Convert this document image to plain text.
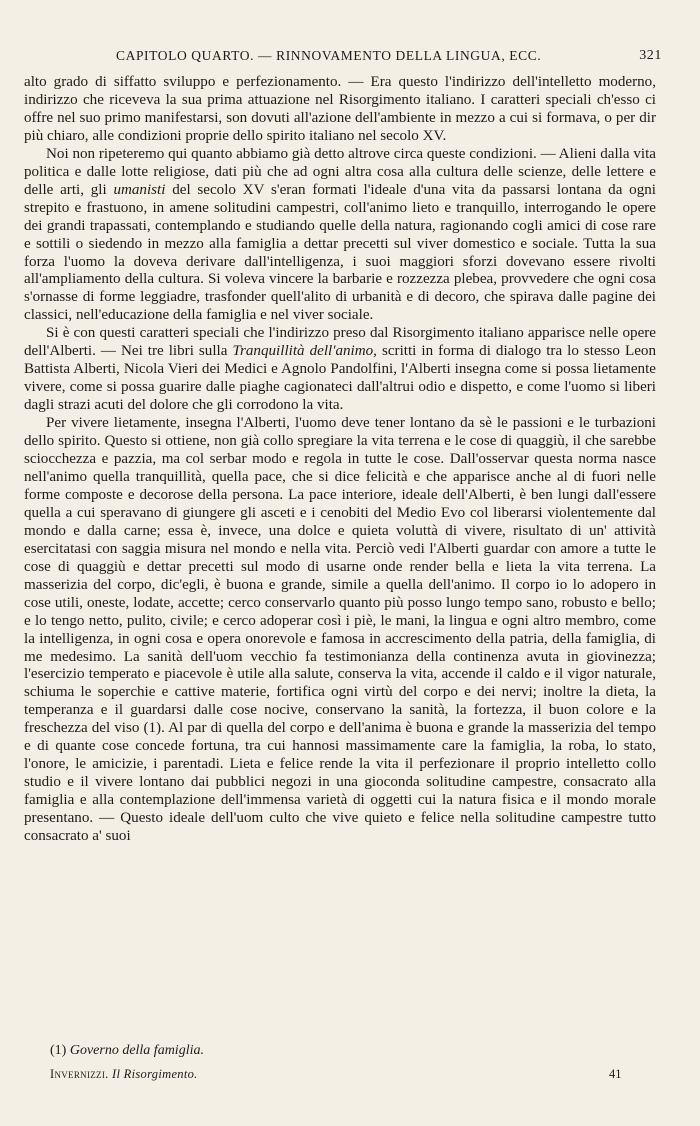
CAPITOLO QUARTO. — RINNOVAMENTO DELLA LINGUA, ECC.	321

alto grado di siffatto sviluppo e perfezionamento. — Era questo l'indirizzo dell'intelletto moderno, indirizzo che riceveva la sua prima attuazione nel Risorgimento italiano. I caratteri speciali ch'esso ci offre nel suo primo manifestarsi, son dovuti all'azione dell'ambiente in mezzo a cui si formava, o per dir più chiaro, alle condizioni proprie dello spirito italiano nel secolo XV.

Noi non ripeteremo qui quanto abbiamo già detto altrove circa queste condizioni. — Alieni dalla vita politica e dalle lotte religiose, dati più che ad ogni altra cosa alla cultura delle scienze, delle lettere e delle arti, gli umanisti del secolo XV s'eran formati l'ideale d'una vita da passarsi lontana da ogni strepito e frastuono, in amene solitudini campestri, coll'animo lieto e tranquillo, interrogando le opere dei grandi trapassati, contemplando e studiando quelle della natura, ragionando cogli amici di cose rare e sottili o siedendo in mezzo alla famiglia a dettar precetti sul viver domestico e sociale. Tutta la sua forza l'uomo la doveva derivare dall'intelligenza, i suoi maggiori sforzi dovevano essere rivolti all'ampliamento della cultura. Si voleva vincere la barbarie e rozzezza plebea, provvedere che ogni cosa s'ornasse di forme leggiadre, trasfonder quell'alito di urbanità e di decoro, che spirava dalle pagine dei classici, nell'educazione della famiglia e nel viver sociale.

Si è con questi caratteri speciali che l'indirizzo preso dal Risorgimento italiano apparisce nelle opere dell'Alberti. — Nei tre libri sulla Tranquillità dell'animo, scritti in forma di dialogo tra lo stesso Leon Battista Alberti, Nicola Vieri dei Medici e Agnolo Pandolfini, l'Alberti insegna come si possa lietamente vivere, come si possa guarire dalle piaghe cagionateci dall'altrui odio e dispetto, e come l'uomo si liberi dagli strazi acuti del dolore che gli corrodono la vita.

Per vivere lietamente, insegna l'Alberti, l'uomo deve tener lontano da sè le passioni e le turbazioni dello spirito. Questo si ottiene, non già collo spregiare la vita terrena e le cose di quaggiù, il che sarebbe sciocchezza e pazzia, ma col serbar modo e regola in tutte le cose. Dall'osservar questa norma nasce nell'animo quella tranquillità, quella pace, che si dice felicità e che apparisce anche al di fuori nelle forme composte e decorose della persona. La pace interiore, ideale dell'Alberti, è ben lungi dall'essere quella a cui speravano di giungere gli asceti e i cenobiti del Medio Evo col liberarsi violentemente dal mondo e dalla carne; essa è, invece, una dolce e quieta voluttà di vivere, risultato di un' attività esercitatasi con saggia misura nel mondo e nella vita. Perciò vedi l'Alberti guardar con amore a tutte le cose di quaggiù e dettar precetti sul modo di usarne onde render bella e lieta la vita terrena. La masserizia del corpo, dic'egli, è buona e grande, simile a quella dell'animo. Il corpo io lo adopero in cose utili, oneste, lodate, accette; cerco conservarlo quanto più posso lungo tempo sano, robusto e bello; e lo tengo netto, pulito, civile; e cerco adoperar così i piè, le mani, la lingua e ogni altro membro, come la intelligenza, in ogni cosa e opera onorevole e famosa in accrescimento della patria, della famiglia, di me medesimo. La sanità dell'uom vecchio fa testimonianza della continenza avuta in giovinezza; l'esercizio temperato e piacevole è utile alla salute, conserva la vita, accende il caldo e il vigor naturale, schiuma le soperchie e cattive materie, fortifica ogni virtù del corpo e dei nervi; inoltre la dieta, la temperanza e il guardarsi dalle cose nocive, conservano la sanità, la fortezza, il buon colore e la freschezza del viso (1). Al par di quella del corpo e dell'anima è buona e grande la masserizia del tempo e di quante cose concede fortuna, tra cui hannosi massimamente care la famiglia, la roba, lo stato, l'onore, le amicizie, i parentadi. Lieta e felice rende la vita il perfezionare il proprio intelletto collo studio e il vivere lontano dai pubblici negozi in una gioconda solitudine campestre, consacrato alla famiglia e alla contemplazione dell'immensa varietà di oggetti cui la natura fisica e il mondo morale presentano. — Questo ideale dell'uom culto che vive quieto e felice nella solitudine campestre tutto consacrato a' suoi

(1) Governo della famiglia.
Invernizzi. Il Risorgimento.	41
